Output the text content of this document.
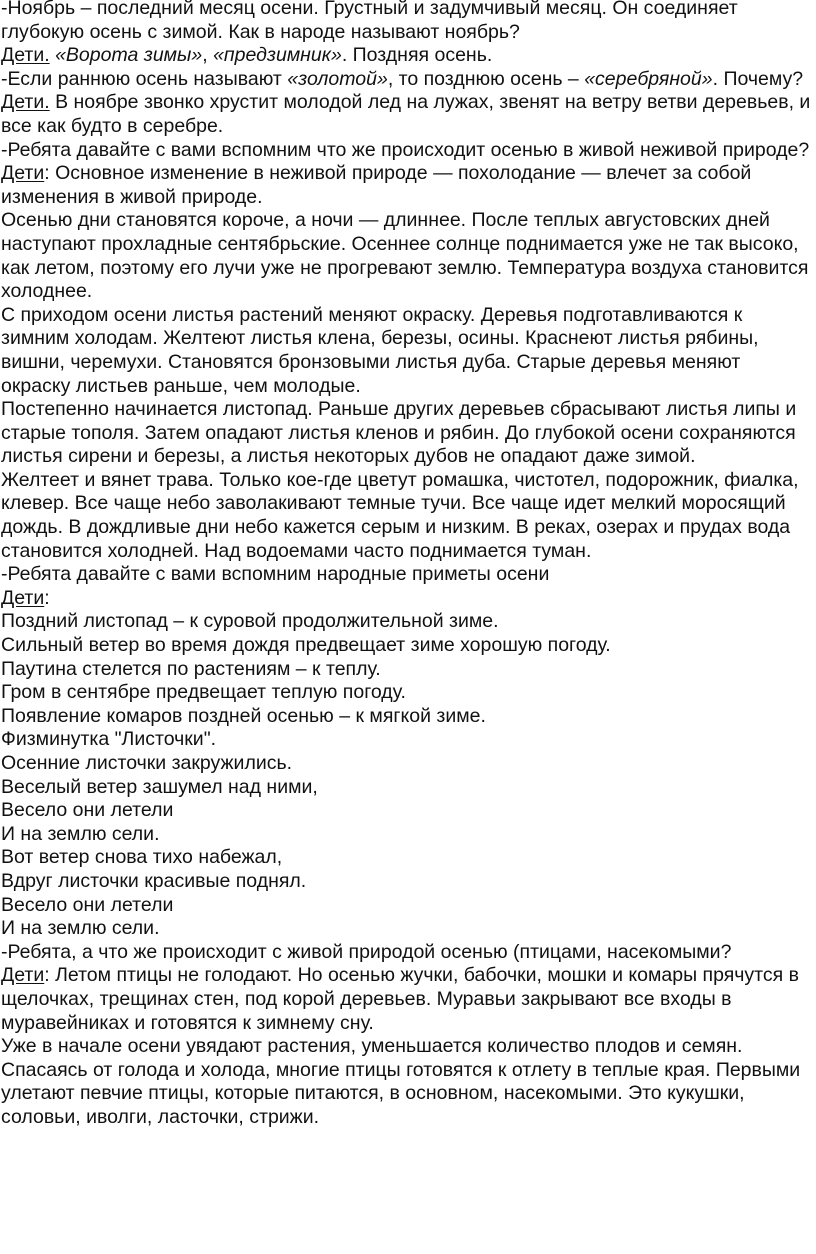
-Ноябрь – последний месяц осени. Грустный и задумчивый месяц. Он соединяет глубокую осень с зимой. Как в народе называют ноябрь?

Дети. «Ворота зимы», «предзимник». Поздняя осень.

-Если раннюю осень называют «золотой», то позднюю осень – «серебряной». Почему?

Дети. В ноябре звонко хрустит молодой лед на лужах, звенят на ветру ветви деревьев, и все как будто в серебре.

-Ребята давайте с вами вспомним что же происходит осенью в живой неживой природе?

Дети: Основное изменение в неживой природе — похолодание — влечет за собой изменения в живой природе.

Осенью дни становятся короче, а ночи — длиннее. После теплых августовских дней наступают прохладные сентябрьские. Осеннее солнце поднимается уже не так высоко, как летом, поэтому его лучи уже не прогревают землю. Температура воздуха становится холоднее.

С приходом осени листья растений меняют окраску. Деревья подготавливаются к зимним холодам. Желтеют листья клена, березы, осины. Краснеют листья рябины, вишни, черемухи. Становятся бронзовыми листья дуба. Старые деревья меняют окраску листьев раньше, чем молодые.

Постепенно начинается листопад. Раньше других деревьев сбрасывают листья липы и старые тополя. Затем опадают листья кленов и рябин. До глубокой осени сохраняются листья сирени и березы, а листья некоторых дубов не опадают даже зимой.

Желтеет и вянет трава. Только кое-где цветут ромашка, чистотел, подорожник, фиалка, клевер. Все чаще небо заволакивают темные тучи. Все чаще идет мелкий моросящий дождь. В дождливые дни небо кажется серым и низким. В реках, озерах и прудах вода становится холодней. Над водоемами часто поднимается туман.

-Ребята давайте с вами вспомним народные приметы осени

Дети:

Поздний листопад – к суровой продолжительной зиме.

Сильный ветер во время дождя предвещает зиме хорошую погоду.

Паутина стелется по растениям – к теплу.

Гром в сентябре предвещает теплую погоду.

Появление комаров поздней осенью – к мягкой зиме.

Физминутка "Листочки".

Осенние листочки закружились.

Веселый ветер зашумел над ними,

Весело они летели

И на землю сели.

Вот ветер снова тихо набежал,

Вдруг листочки красивые поднял.

Весело они летели

И на землю сели.

-Ребята, а что же происходит с живой природой осенью (птицами, насекомыми?

Дети: Летом птицы не голодают. Но осенью жучки, бабочки, мошки и комары прячутся в щелочках, трещинах стен, под корой деревьев. Муравьи закрывают все входы в муравейниках и готовятся к зимнему сну.

Уже в начале осени увядают растения, уменьшается количество плодов и семян. Спасаясь от голода и холода, многие птицы готовятся к отлету в теплые края. Первыми улетают певчие птицы, которые питаются, в основном, насекомыми. Это кукушки, соловьи, иволги, ласточки, стрижи.
